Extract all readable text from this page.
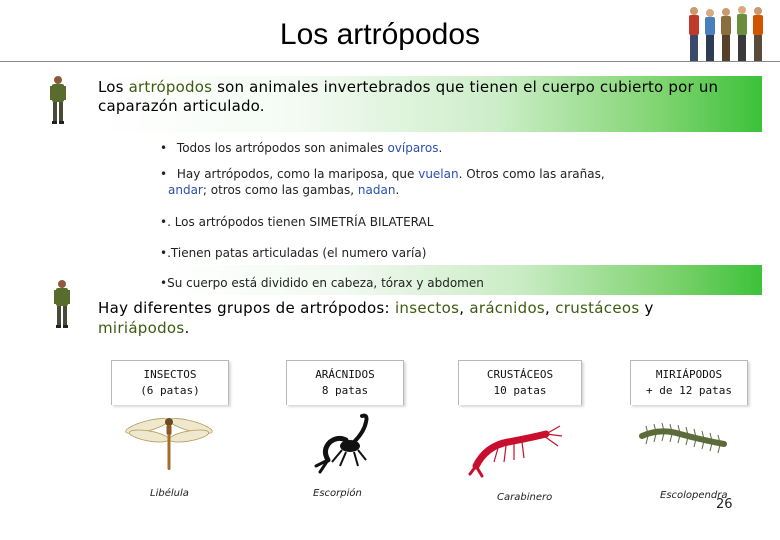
Los artrópodos
Los artrópodos son animales invertebrados que tienen el cuerpo cubierto por un
caparazón articulado.
• Todos los artrópodos son animales ovíparos.
• Hay artrópodos, como la mariposa, que vuelan. Otros como las arañas,
andar; otros como las gambas, nadan.
•. Los artrópodos tienen SIMETRÍA BILATERAL
•.Tienen patas articuladas (el numero varía)
•Su cuerpo está dividido en cabeza, tórax y abdomen
Hay diferentes grupos de artrópodos: insectos, arácnidos, crustáceos y
miriápodos.
INSECTOS
(6 patas)
ARÁCNIDOS
8 patas
CRUSTÁCEOS
10 patas
MIRIÁPODOS
+ de 12 patas
Libélula	Escorpión	Carabinero	Escolopendra
26
